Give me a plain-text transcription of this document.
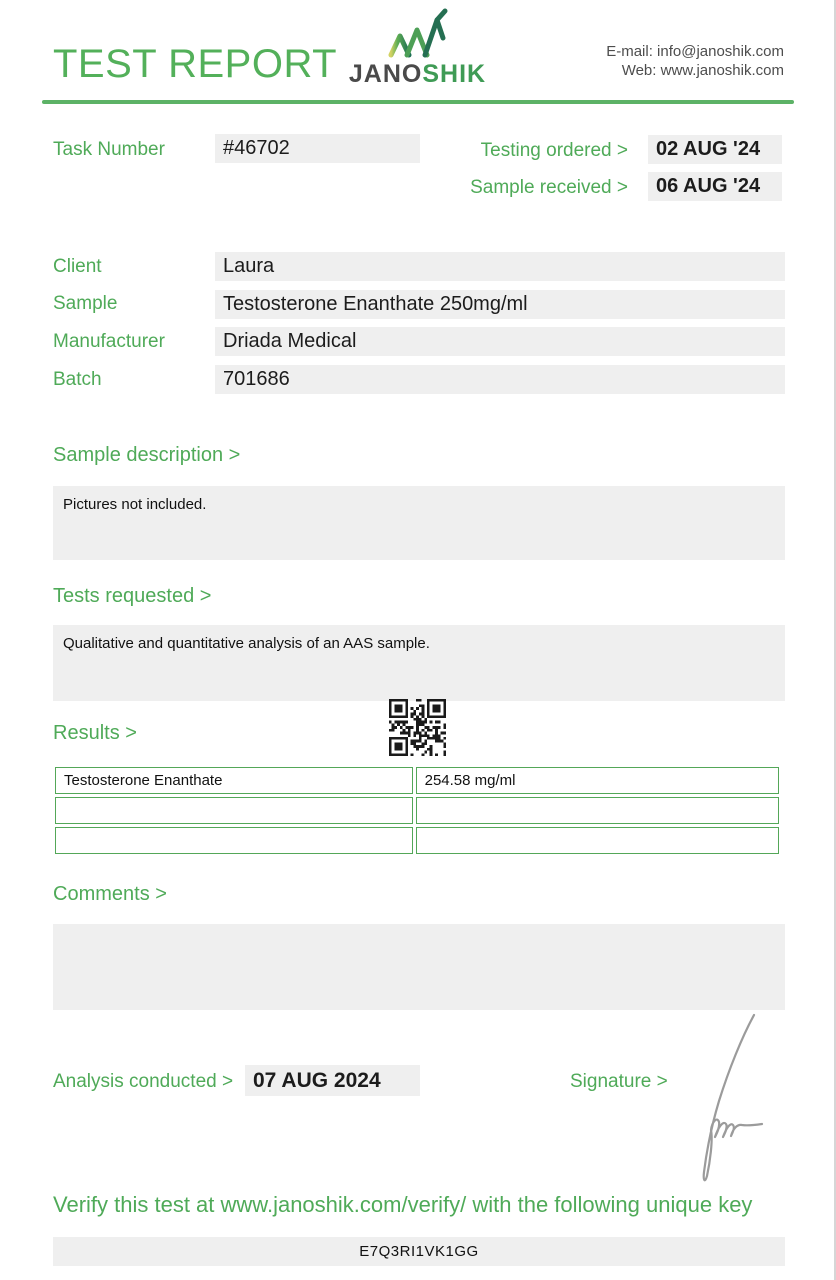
TEST REPORT JANOSHIK
E-mail: info@janoshik.com
Web: www.janoshik.com
Task Number	#46702	Testing ordered >	02 AUG '24
Sample received >	06 AUG '24
Client	Laura
Sample	Testosterone Enanthate 250mg/ml
Manufacturer	Driada Medical
Batch	701686
Sample description >
Pictures not included.
Tests requested >
Qualitative and quantitative analysis of an AAS sample.
Results >
Testosterone Enanthate	254.58 mg/ml

Comments >
Analysis conducted > 07 AUG 2024	Signature >
Verify this test at www.janoshik.com/verify/ with the following unique key
E7Q3RI1VK1GG
